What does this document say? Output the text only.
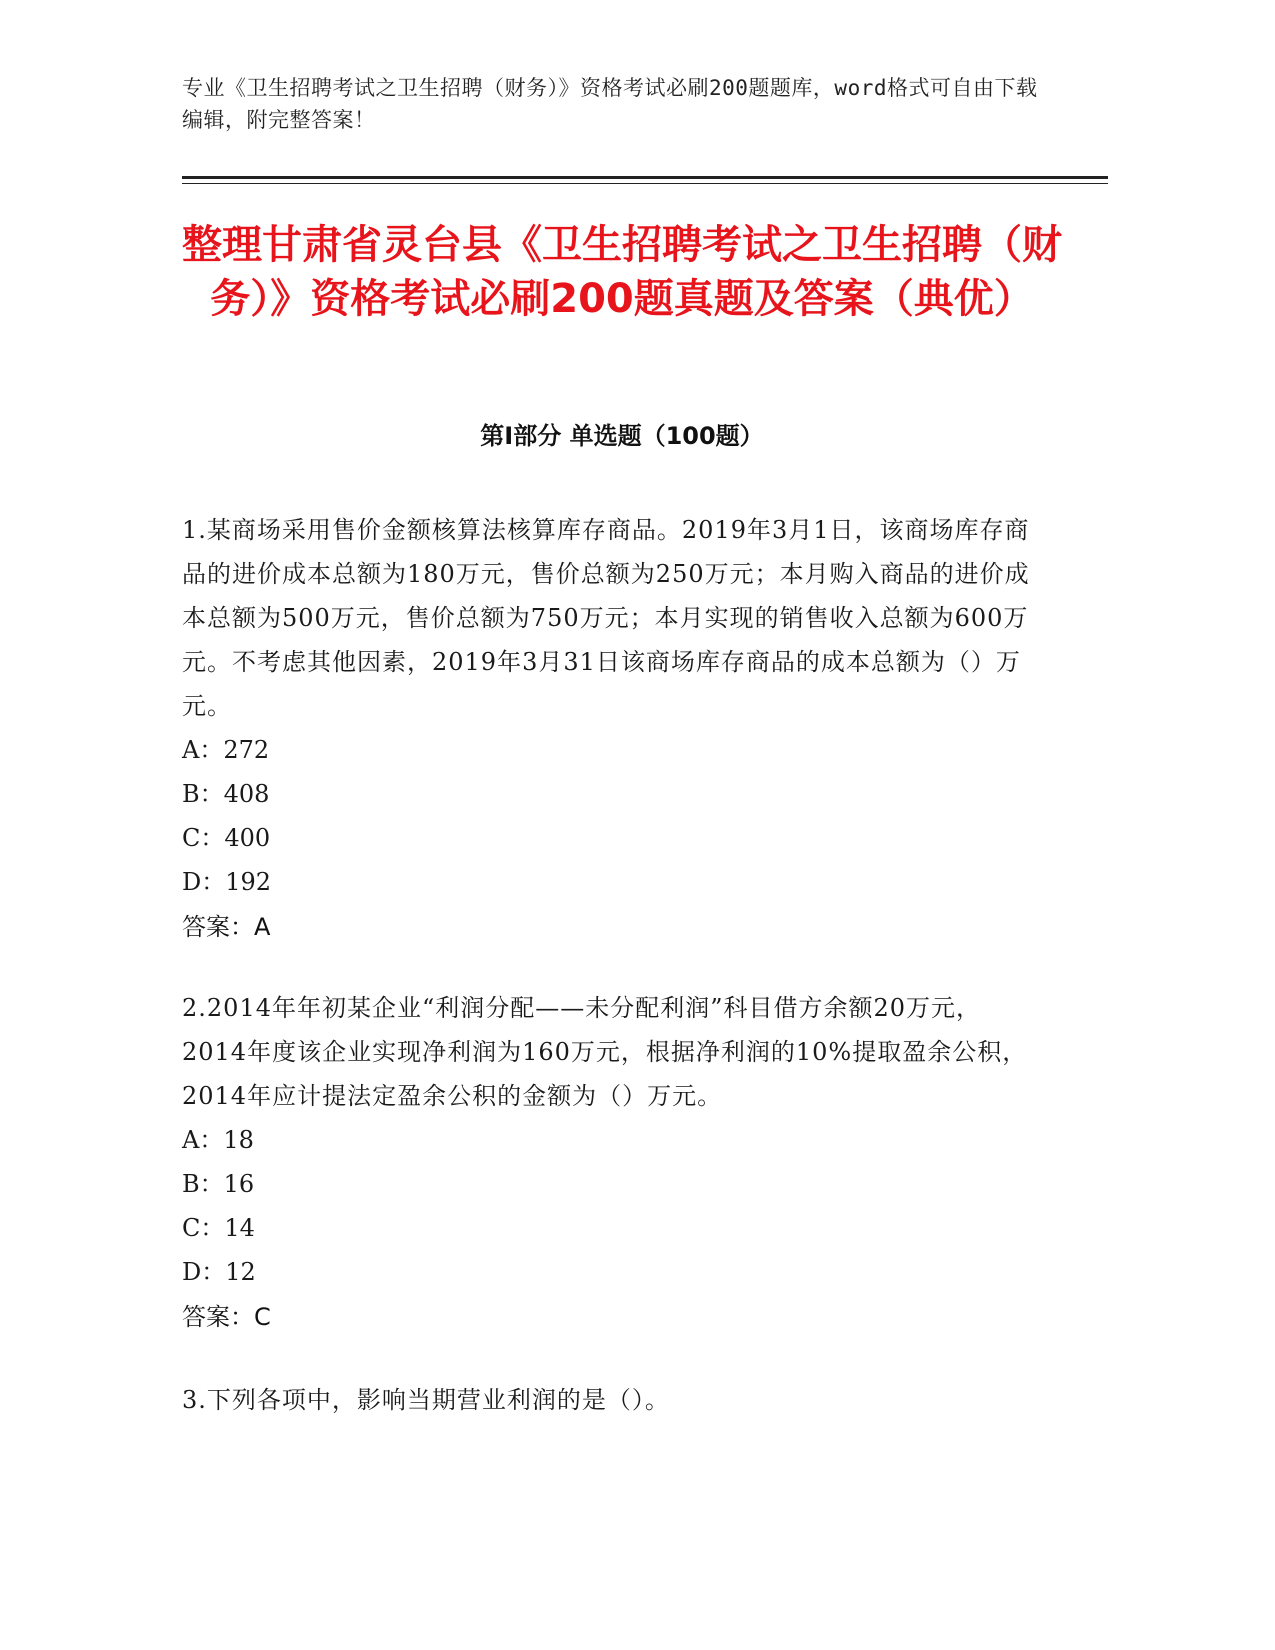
专业《卫生招聘考试之卫生招聘（财务）》资格考试必刷200题题库，word格式可自由下载编辑，附完整答案！
整理甘肃省灵台县《卫生招聘考试之卫生招聘（财务）》资格考试必刷200题真题及答案（典优）
第Ⅰ部分 单选题（100题）
1.某商场采用售价金额核算法核算库存商品。2019年3月1日，该商场库存商品的进价成本总额为180万元，售价总额为250万元；本月购入商品的进价成本总额为500万元，售价总额为750万元；本月实现的销售收入总额为600万元。不考虑其他因素，2019年3月31日该商场库存商品的成本总额为（）万元。
A：272
B：408
C：400
D：192
答案：A
2.2014年年初某企业“利润分配——未分配利润”科目借方余额20万元，2014年度该企业实现净利润为160万元，根据净利润的10%提取盈余公积，2014年应计提法定盈余公积的金额为（）万元。
A：18
B：16
C：14
D：12
答案：C
3.下列各项中，影响当期营业利润的是（）。
